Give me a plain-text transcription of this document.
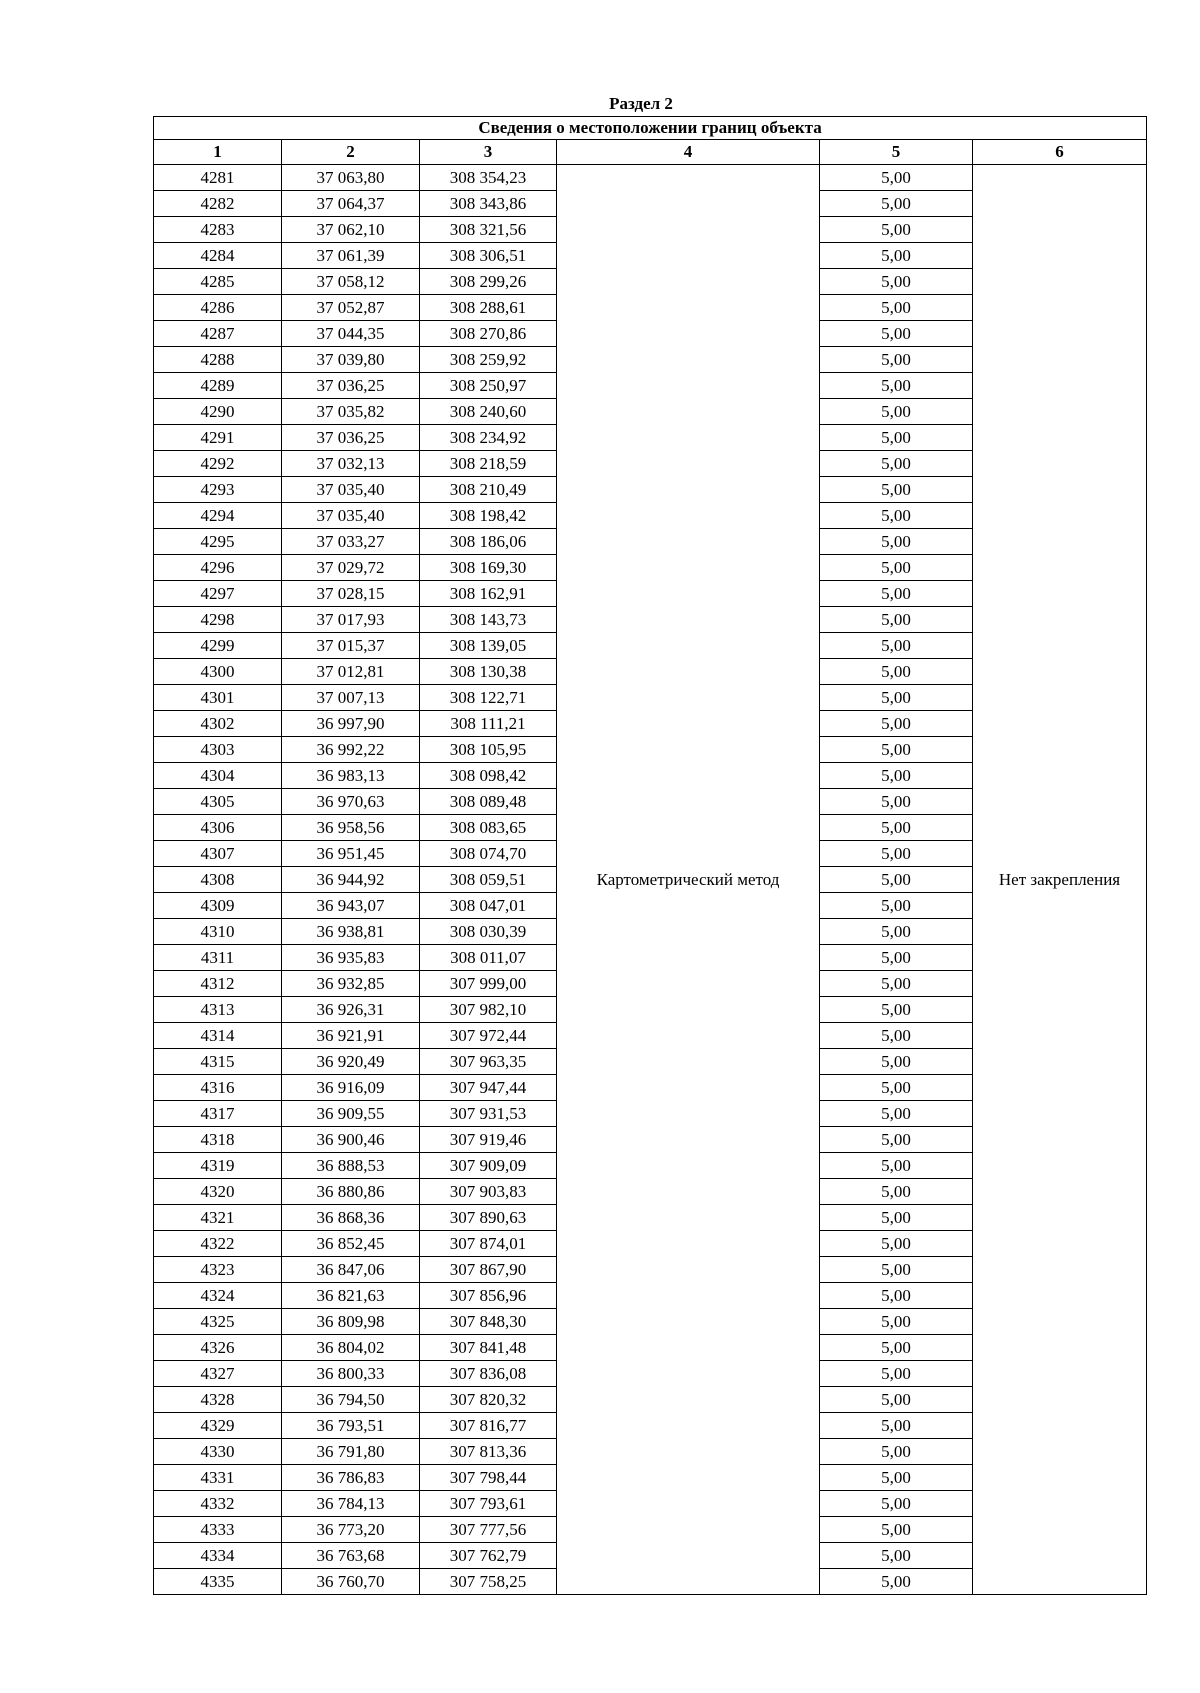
Раздел 2
Сведения о местоположении границ объекта					
1	2	3	4	5	6
4281	37 063,80	308 354,23	Картометрический метод	5,00	Нет закрепления
4282	37 064,37	308 343,86		5,00	
4283	37 062,10	308 321,56		5,00	
4284	37 061,39	308 306,51		5,00	
4285	37 058,12	308 299,26		5,00	
4286	37 052,87	308 288,61		5,00	
4287	37 044,35	308 270,86		5,00	
4288	37 039,80	308 259,92		5,00	
4289	37 036,25	308 250,97		5,00	
4290	37 035,82	308 240,60		5,00	
4291	37 036,25	308 234,92		5,00	
4292	37 032,13	308 218,59		5,00	
4293	37 035,40	308 210,49		5,00	
4294	37 035,40	308 198,42		5,00	
4295	37 033,27	308 186,06		5,00	
4296	37 029,72	308 169,30		5,00	
4297	37 028,15	308 162,91		5,00	
4298	37 017,93	308 143,73		5,00	
4299	37 015,37	308 139,05		5,00	
4300	37 012,81	308 130,38		5,00	
4301	37 007,13	308 122,71		5,00	
4302	36 997,90	308 111,21		5,00	
4303	36 992,22	308 105,95		5,00	
4304	36 983,13	308 098,42		5,00	
4305	36 970,63	308 089,48		5,00	
4306	36 958,56	308 083,65		5,00	
4307	36 951,45	308 074,70		5,00	
4308	36 944,92	308 059,51		5,00	
4309	36 943,07	308 047,01		5,00	
4310	36 938,81	308 030,39		5,00	
4311	36 935,83	308 011,07		5,00	
4312	36 932,85	307 999,00		5,00	
4313	36 926,31	307 982,10		5,00	
4314	36 921,91	307 972,44		5,00	
4315	36 920,49	307 963,35		5,00	
4316	36 916,09	307 947,44		5,00	
4317	36 909,55	307 931,53		5,00	
4318	36 900,46	307 919,46		5,00	
4319	36 888,53	307 909,09		5,00	
4320	36 880,86	307 903,83		5,00	
4321	36 868,36	307 890,63		5,00	
4322	36 852,45	307 874,01		5,00	
4323	36 847,06	307 867,90		5,00	
4324	36 821,63	307 856,96		5,00	
4325	36 809,98	307 848,30		5,00	
4326	36 804,02	307 841,48		5,00	
4327	36 800,33	307 836,08		5,00	
4328	36 794,50	307 820,32		5,00	
4329	36 793,51	307 816,77		5,00	
4330	36 791,80	307 813,36		5,00	
4331	36 786,83	307 798,44		5,00	
4332	36 784,13	307 793,61		5,00	
4333	36 773,20	307 777,56		5,00	
4334	36 763,68	307 762,79		5,00	
4335	36 760,70	307 758,25		5,00	
